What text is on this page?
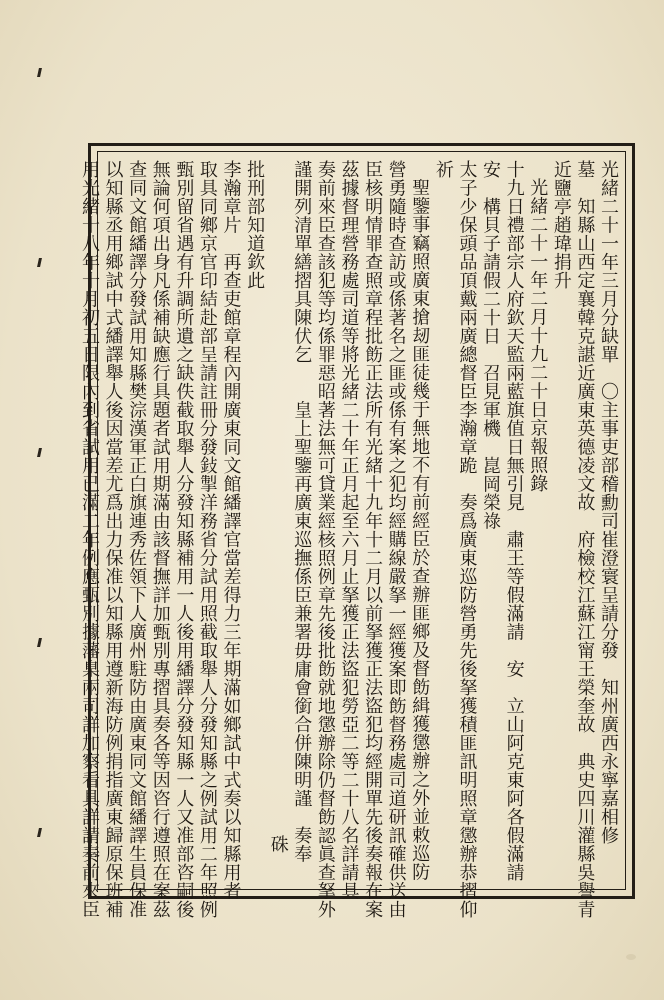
光緒二十一年三月分缺單　〇主事吏部稽勳司崔澄寰呈請分發　知州廣西永寧嘉相修
墓　知縣山西定襄韓克諶近廣東英德凌文故　府檢校江蘇江甯王榮奎故　典史四川灌縣吳譽青
近鹽亭趙瑋捐升
光緒二十一年二月十九二十日京報照錄
十九日禮部宗人府欽天監兩藍旗值日無引見　肅王等假滿請　安　立山阿克東阿各假滿請
安　構貝子請假二十日　召見軍機　崑岡榮祿
太子少保頭品頂戴兩廣總督臣李瀚章跪　奏爲廣東巡防營勇先後拏獲積匪訊明照章懲辦恭摺仰
祈
聖鑒事竊照廣東搶刼匪徒幾于無地不有前經臣於查辦匪鄉及督飭緝獲懲辦之外並敕巡防
營勇隨時查訪或係著名之匪或係有案之犯均經購線嚴拏一經獲案即飭督務處司道研訊確供送由
臣核明情罪查照章程批飭正法所有光緒十九年十二月以前拏獲正法盜犯均經開單先後奏報在案
茲據督理營務處司道等將光緒二十年正月起至六月止拏獲正法盜犯勞亞二等二十八名詳請具
奏前來臣查該犯等均係罪惡昭著法無可貸業經核照例章先後批飭就地懲辦除仍督飭認眞查拏外
謹開列清單繕摺具陳伏乞　　皇上聖鑒再廣東巡撫係臣兼署毋庸會銜合併陳明謹　奏奉
硃
批刑部知道欽此
李瀚章片　再查吏館章程內開廣東同文館繙譯官當差得力三年期滿如鄉試中式奏以知縣用者
取具同鄉京官印結赴部呈請註冊分發鈙掣洋務省分試用照截取舉人分發知縣之例試用二年照例
甄別留省遇有升調所遺之缺佚截取舉人分發知縣補用一人後用繙譯分發知縣一人又准部咨嗣後
無論何項出身凡係補缺應行具題者試用期滿由該督撫詳加甄別專摺具奏各等因咨行遵照在案茲
查同文館繙譯分發試用知縣樊淙漢軍正白旗連秀佐領下人廣州駐防由廣東同文館繙譯生員保准
以知縣丞用鄉試中式繙譯舉人後因當差尤爲出力保准以知縣用遵新海防例捐指廣東歸原保班補
用光緒十八年十月初五日限內到省試用已滿二年例應甄別據藩臬兩司詳加察看具詳請奏前來臣
